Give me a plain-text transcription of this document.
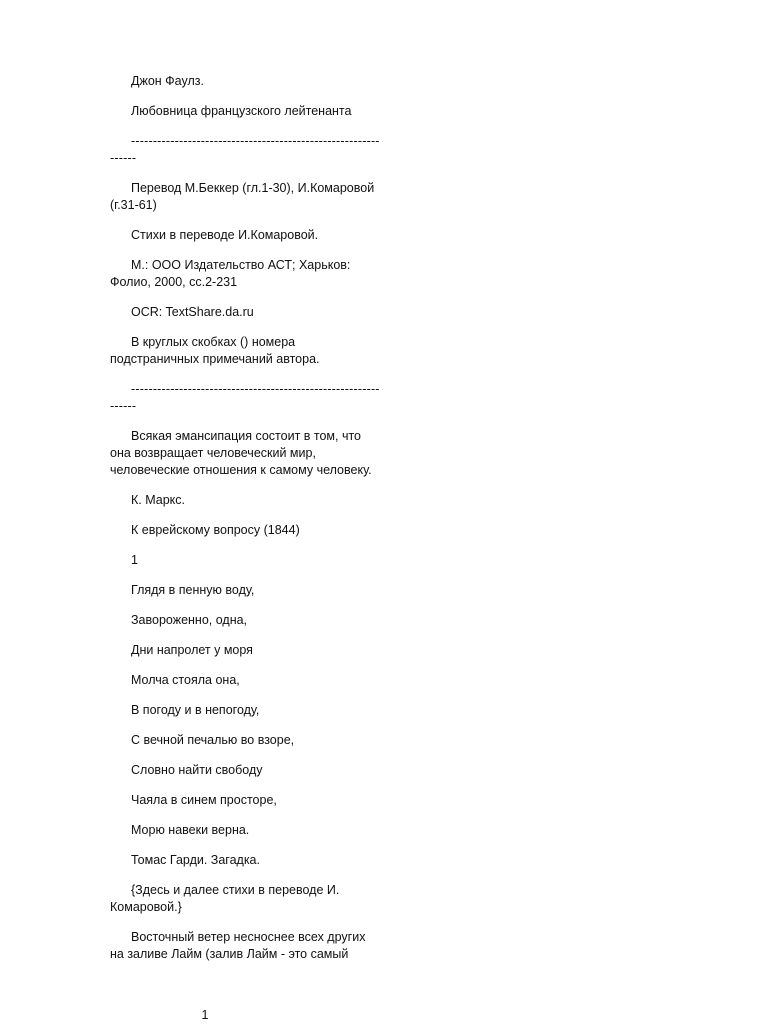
Джон Фаулз.

Любовница французского лейтенанта

---------------------------------------------------------------

Перевод М.Беккер (гл.1-30), И.Комаровой (г.31-61)

Стихи в переводе И.Комаровой.

М.: ООО Издательство АСТ; Харьков: Фолио, 2000, сс.2-231

OCR: TextShare.da.ru

В круглых скобках () номера подстраничных примечаний автора.

---------------------------------------------------------------

Всякая эмансипация состоит в том, что она возвращает человеческий мир, человеческие отношения к самому человеку.

К. Маркс.

К еврейскому вопросу (1844)

1

Глядя в пенную воду,

Завороженно, одна,

Дни напролет у моря

Молча стояла она,

В погоду и в непогоду,

С вечной печалью во взоре,

Словно найти свободу

Чаяла в синем просторе,

Морю навеки верна.

Томас Гарди. Загадка.

{Здесь и далее стихи в переводе И. Комаровой.}

Восточный ветер несноснее всех других на заливе Лайм (залив Лайм - это самый

1
